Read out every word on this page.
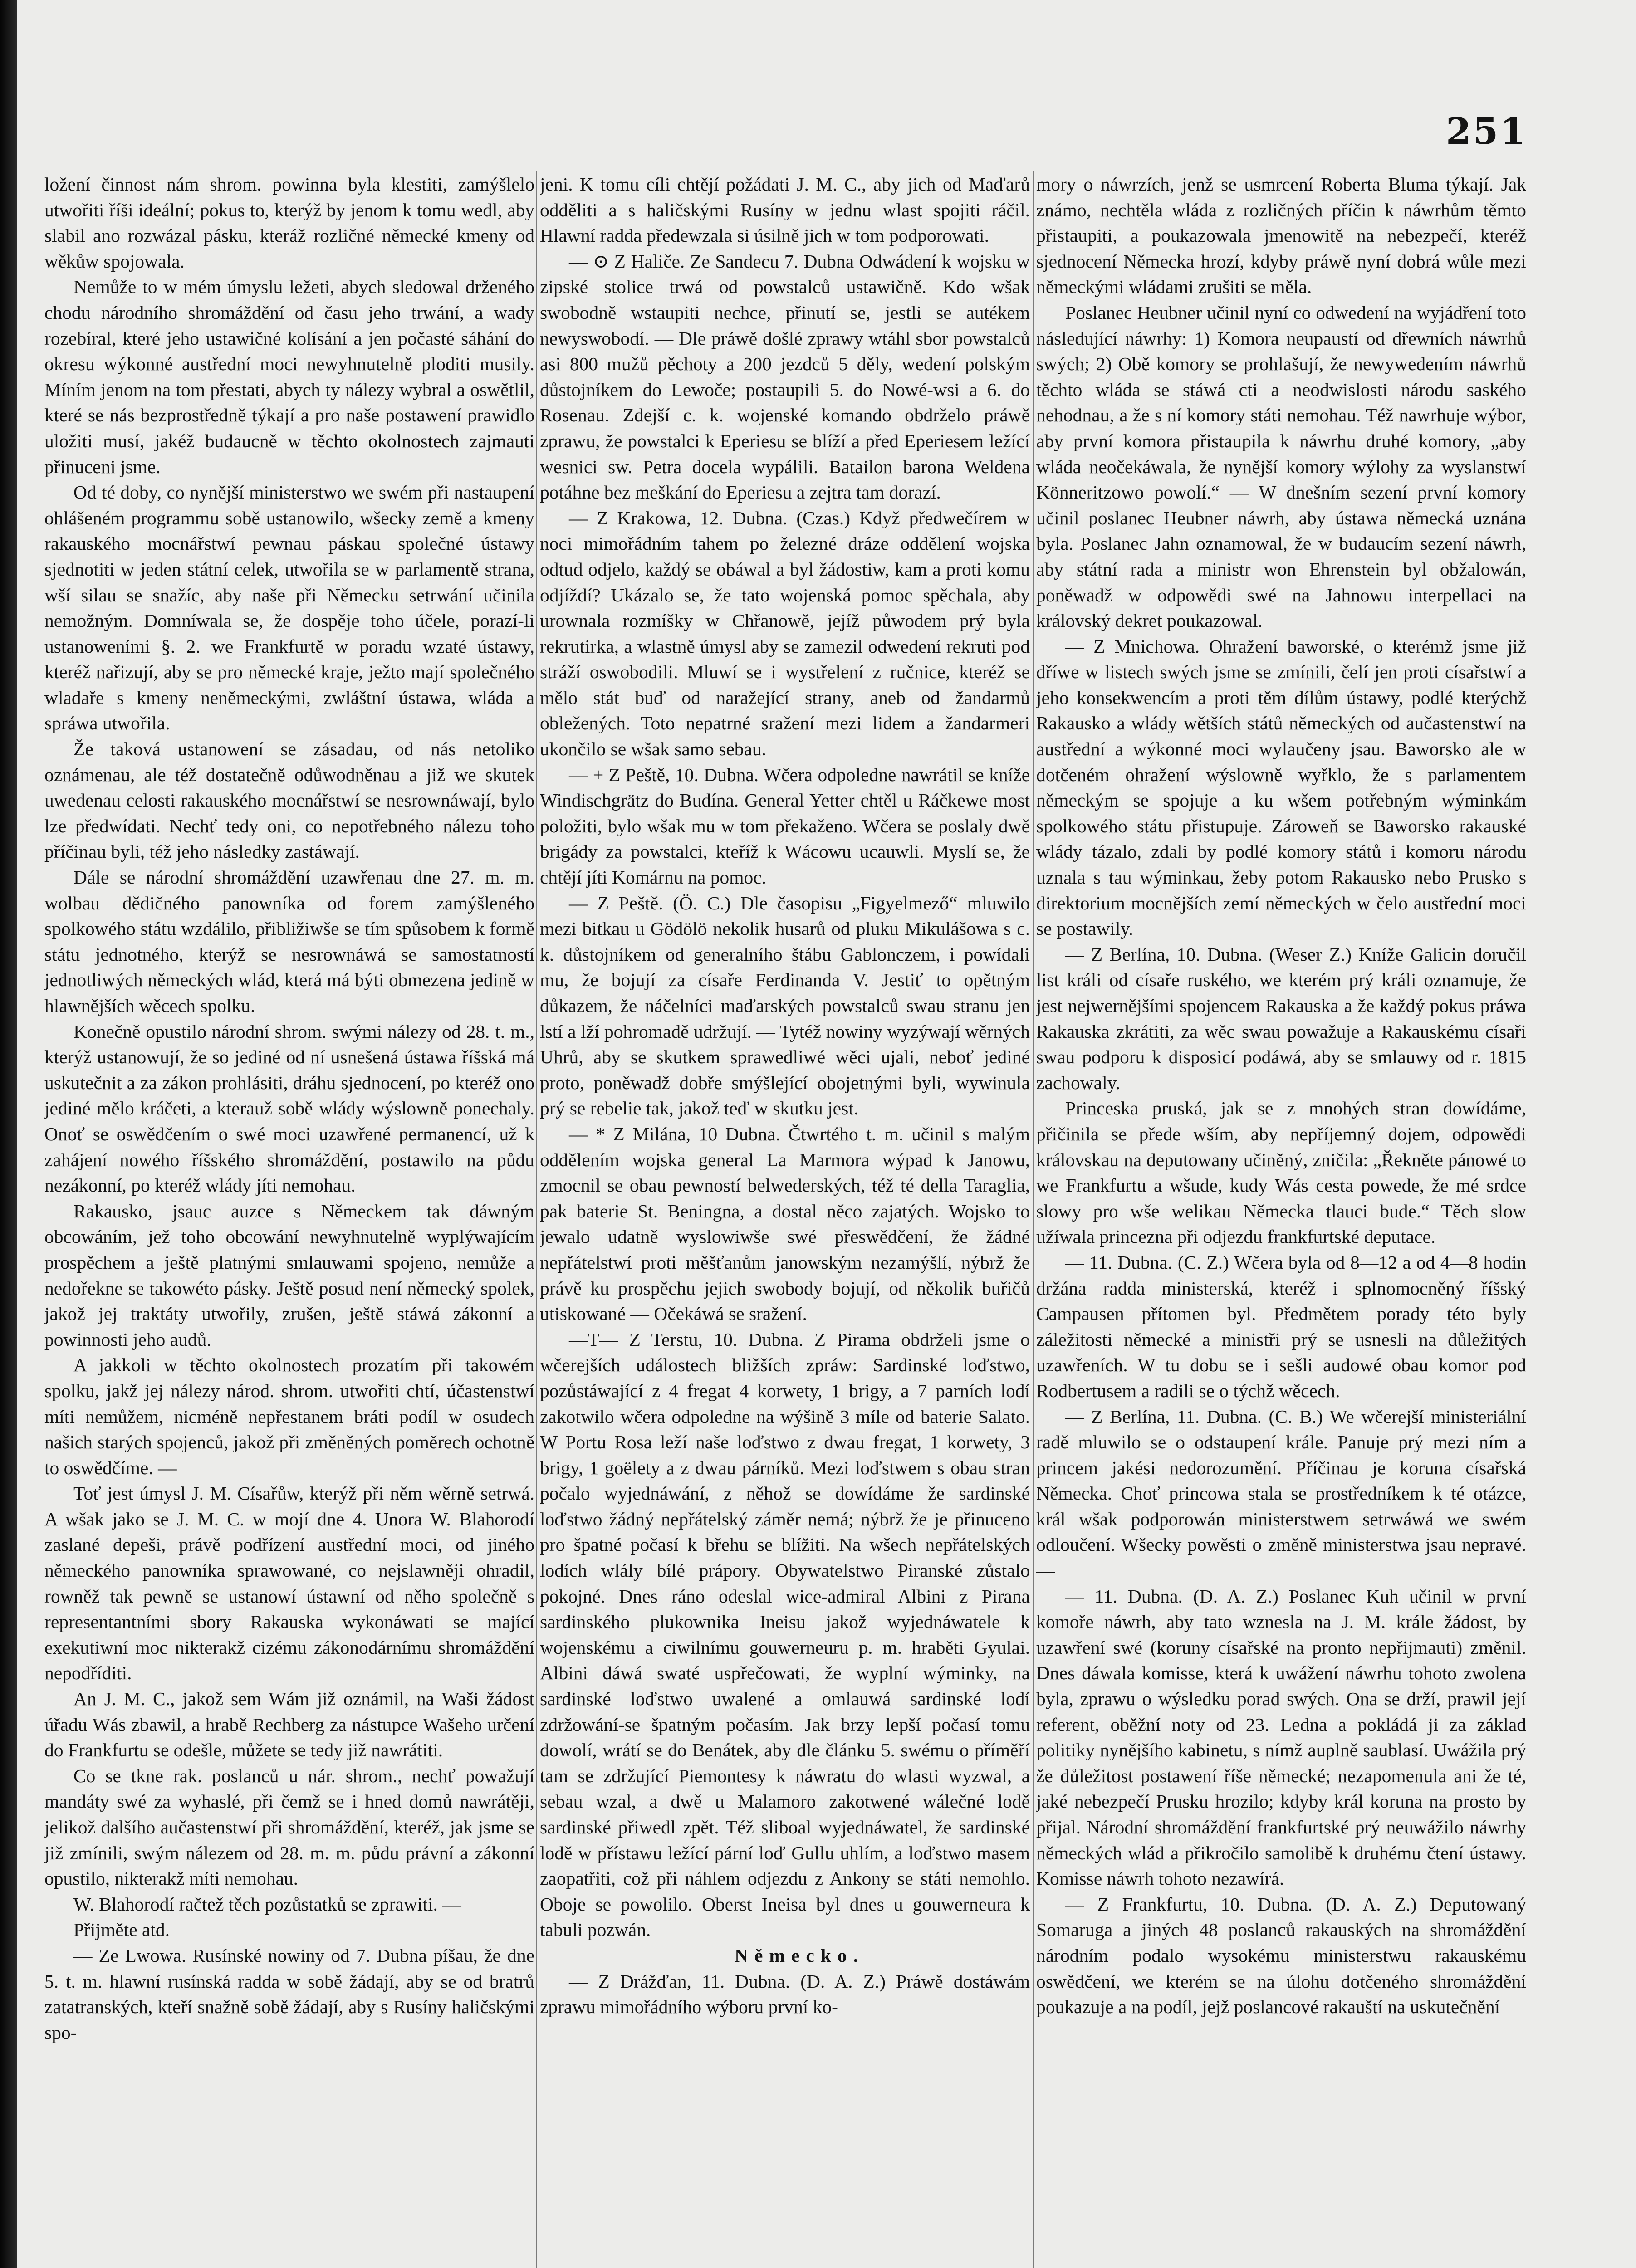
251

ložení činnost nám shrom. powinna byla klestiti, zamýšlelo utwořiti říši ideální; pokus to, kterýž by jenom k tomu wedl, aby slabil ano rozwázal pásku, kteráž rozličné německé kmeny od wěkůw spojowala.

Nemůže to w mém úmyslu ležeti, abych sledowal drženého chodu národního shromáždění od času jeho trwání, a wady rozebíral, které jeho ustawičné kolísání a jen počasté sáhání do okresu wýkonné austřední moci newyhnutelně ploditi musily. Míním jenom na tom přestati, abych ty nálezy wybral a oswětlil, které se nás bezprostředně týkají a pro naše postawení prawidlo uložiti musí, jakéž budaucně w těchto okolnostech zajmauti přinuceni jsme.

Od té doby, co nynější ministerstwo we swém při nastaupení ohlášeném programmu sobě ustanowilo, wšecky země a kmeny rakauského mocnářstwí pewnau páskau společné ústawy sjednotiti w jeden státní celek, utwořila se w parlamentě strana, wší silau se snažíc, aby naše při Německu setrwání učinila nemožným. Domníwala se, že dospěje toho účele, porazí-li ustanoweními §. 2. we Frankfurtě w poradu wzaté ústawy, kteréž nařizují, aby se pro německé kraje, ježto mají společného wladaře s kmeny neněmeckými, zwláštní ústawa, wláda a spráwa utwořila.

Že taková ustanowení se zásadau, od nás netoliko oznámenau, ale též dostatečně odůwodněnau a již we skutek uwedenau celosti rakauského mocnářstwí se nesrownáwají, bylo lze předwídati. Nechť tedy oni, co nepotřebného nálezu toho příčinau byli, též jeho následky zastáwají.

Dále se národní shromáždění uzawřenau dne 27. m. m. wolbau dědičného panowníka od forem zamýšleného spolkowého státu wzdálilo, přibližiwše se tím spůsobem k formě státu jednotného, kterýž se nesrownáwá se samostatností jednotliwých německých wlád, která má býti obmezena jedině w hlawnějších wěcech spolku.

Konečně opustilo národní shrom. swými nálezy od 28. t. m., kterýž ustanowují, že so jediné od ní usnešená ústawa říšská má uskutečnit a za zákon prohlásiti, dráhu sjednocení, po kteréž ono jediné mělo kráčeti, a kterauž sobě wlády wýslowně ponechaly. Onoť se oswědčením o swé moci uzawřené permanencí, už k zahájení nowého říšského shromáždění, postawilo na půdu nezákonní, po kteréž wlády jíti nemohau.

Rakausko, jsauc auzce s Německem tak dáwným obcowáním, jež toho obcowání newyhnutelně wyplýwajícím prospěchem a ještě platnými smlauwami spojeno, nemůže a nedořekne se takowéto pásky. Ještě posud není německý spolek, jakož jej traktáty utwořily, zrušen, ještě stáwá zákonní a powinnosti jeho audů.

A jakkoli w těchto okolnostech prozatím při takowém spolku, jakž jej nálezy národ. shrom. utwořiti chtí, účastenstwí míti nemůžem, nicméně nepřestanem bráti podíl w osudech našich starých spojenců, jakož při změněných poměrech ochotně to oswědčíme. —

Toť jest úmysl J. M. Císařůw, kterýž při něm wěrně setrwá. A wšak jako se J. M. C. w mojí dne 4. Unora W. Blahorodí zaslané depeši, právě podřízení austřední moci, od jiného německého panowníka sprawowané, co nejslawněji ohradil, rowněž tak pewně se ustanowí ústawní od něho společně s representantními sbory Rakauska wykonáwati se mající exekutiwní moc nikterakž cizému zákonodárnímu shromáždění nepodříditi.

An J. M. C., jakož sem Wám již oznámil, na Waši žádost úřadu Wás zbawil, a hrabě Rechberg za nástupce Wašeho určení do Frankfurtu se odešle, můžete se tedy již nawrátiti.

Co se tkne rak. poslanců u nár. shrom., nechť powažují mandáty swé za wyhaslé, při čemž se i hned domů nawrátěji, jelikož dalšího aučastenstwí při shromáždění, kteréž, jak jsme se již zmínili, swým nálezem od 28. m. m. půdu právní a zákonní opustilo, nikterakž míti nemohau.

W. Blahorodí račtež těch pozůstatků se zprawiti. —

Přijměte atd.

— Ze Lwowa. Rusínské nowiny od 7. Dubna píšau, že dne 5. t. m. hlawní rusínská radda w sobě žádají, aby se od bratrů zatatranských, kteří snažně sobě žádají, aby s Rusíny haličskými spo-

jeni. K tomu cíli chtějí požádati J. M. C., aby jich od Maďarů odděliti a s haličskými Rusíny w jednu wlast spojiti ráčil. Hlawní radda předewzala si úsilně jich w tom podporowati.

— ⊙ Z Haliče. Ze Sandecu 7. Dubna Odwádení k wojsku w zipské stolice trwá od powstalců ustawičně. Kdo wšak swobodně wstaupiti nechce, přinutí se, jestli se autékem newyswobodí. — Dle práwě došlé zprawy wtáhl sbor powstalců asi 800 mužů pěchoty a 200 jezdců 5 děly, wedení polským důstojníkem do Lewoče; postaupili 5. do Nowé-wsi a 6. do Rosenau. Zdejší c. k. wojenské komando obdrželo práwě zprawu, že powstalci k Eperiesu se blíží a před Eperiesem ležící wesnici sw. Petra docela wypálili. Batailon barona Weldena potáhne bez meškání do Eperiesu a zejtra tam dorazí.

— Z Krakowa, 12. Dubna. (Czas.) Když předwečírem w noci mimořádním tahem po železné dráze oddělení wojska odtud odjelo, každý se obáwal a byl žádostiw, kam a proti komu odjíždí? Ukázalo se, že tato wojenská pomoc spěchala, aby urownala rozmíšky w Chřanowě, jejíž půwodem prý byla rekrutirka, a wlastně úmysl aby se zamezil odwedení rekruti pod stráží oswobodili. Mluwí se i wystřelení z ručnice, kteréž se mělo stát buď od naražející strany, aneb od žandarmů obležených. Toto nepatrné sražení mezi lidem a žandarmeri ukončilo se wšak samo sebau.

— + Z Peště, 10. Dubna. Wčera odpoledne nawrátil se kníže Windischgrätz do Budína. General Yetter chtěl u Ráčkewe most položiti, bylo wšak mu w tom překaženo. Wčera se poslaly dwě brigády za powstalci, kteříž k Wácowu ucauwli. Myslí se, že chtějí jíti Komárnu na pomoc.

— Z Peště. (Ö. C.) Dle časopisu „Figyelmező“ mluwilo mezi bitkau u Gödölö nekolik husarů od pluku Mikulášowa s c. k. důstojníkem od generalního štábu Gablonczem, i powídali mu, že bojují za císaře Ferdinanda V. Jestiť to opětným důkazem, že náčelníci maďarských powstalců swau stranu jen lstí a lží pohromadě udržují. — Tytéž nowiny wyzýwají wěrných Uhrů, aby se skutkem sprawedliwé wěci ujali, neboť jediné proto, poněwadž dobře smýšlející obojetnými byli, wywinula prý se rebelie tak, jakož teď w skutku jest.

— * Z Milána, 10 Dubna. Čtwrtého t. m. učinil s malým oddělením wojska general La Marmora wýpad k Janowu, zmocnil se obau pewností belwederských, též té della Taraglia, pak baterie St. Beningna, a dostal něco zajatých. Wojsko to jewalo udatně wyslowiwše swé přeswědčení, že žádné nepřátelstwí proti měšťanům janowským nezamýšlí, nýbrž že právě ku prospěchu jejich swobody bojují, od několik buřičů utiskowané — Očekáwá se sražení.

—T— Z Terstu, 10. Dubna. Z Pirama obdrželi jsme o wčerejších událostech bližších zpráw: Sardinské loďstwo, pozůstáwající z 4 fregat 4 korwety, 1 brigy, a 7 parních lodí zakotwilo wčera odpoledne na wýšině 3 míle od baterie Salato. W Portu Rosa leží naše loďstwo z dwau fregat, 1 korwety, 3 brigy, 1 goëlety a z dwau párníků. Mezi loďstwem s obau stran počalo wyjednáwání, z něhož se dowídáme že sardinské loďstwo žádný nepřátelský záměr nemá; nýbrž že je přinuceno pro špatné počasí k břehu se blížiti. Na wšech nepřátelských lodích wlály bílé prápory. Obywatelstwo Piranské zůstalo pokojné. Dnes ráno odeslal wice-admiral Albini z Pirana sardinského plukownika Ineisu jakož wyjednáwatele k wojenskému a ciwilnímu gouwerneuru p. m. hraběti Gyulai. Albini dáwá swaté uspřečowati, že wyplní wýminky, na sardinské loďstwo uwalené a omlauwá sardinské lodí zdržowání-se špatným počasím. Jak brzy lepší počasí tomu dowolí, wrátí se do Benátek, aby dle článku 5. swému o příměří tam se zdržující Piemontesy k náwratu do wlasti wyzwal, a sebau wzal, a dwě u Malamoro zakotwené wálečné lodě sardinské přiwedl zpět. Též sliboal wyjednáwatel, že sardinské lodě w přístawu ležící pární loď Gullu uhlím, a loďstwo masem zaopatřiti, což při náhlem odjezdu z Ankony se státi nemohlo. Oboje se powolilo. Oberst Ineisa byl dnes u gouwerneura k tabuli pozwán.

Německo.

— Z Drážďan, 11. Dubna. (D. A. Z.) Práwě dostáwám zprawu mimořádního wýboru první ko-

mory o náwrzích, jenž se usmrcení Roberta Bluma týkají. Jak známo, nechtěla wláda z rozličných příčin k náwrhům těmto přistaupiti, a poukazowala jmenowitě na nebezpečí, kteréž sjednocení Německa hrozí, kdyby práwě nyní dobrá wůle mezi německými wládami zrušiti se měla.

Poslanec Heubner učinil nyní co odwedení na wyjádření toto následující náwrhy: 1) Komora neupaustí od dřewních náwrhů swých; 2) Obě komory se prohlašují, že newywedením náwrhů těchto wláda se stáwá cti a neodwislosti národu saského nehodnau, a že s ní komory státi nemohau. Též nawrhuje wýbor, aby první komora přistaupila k náwrhu druhé komory, „aby wláda neočekáwala, že nynější komory wýlohy za wyslanstwí Könneritzowo powolí.“ — W dnešním sezení první komory učinil poslanec Heubner náwrh, aby ústawa německá uznána byla. Poslanec Jahn oznamowal, že w budaucím sezení náwrh, aby státní rada a ministr won Ehrenstein byl obžalowán, poněwadž w odpowědi swé na Jahnowu interpellaci na královský dekret poukazowal.

— Z Mnichowa. Ohražení baworské, o kterémž jsme již dříwe w listech swých jsme se zmínili, čelí jen proti císařstwí a jeho konsekwencím a proti těm dílům ústawy, podlé kterýchž Rakausko a wlády wětších států německých od aučastenstwí na austřední a wýkonné moci wylaučeny jsau. Baworsko ale w dotčeném ohražení wýslowně wyřklo, že s parlamentem německým se spojuje a ku wšem potřebným wýminkám spolkowého státu přistupuje. Zároweň se Baworsko rakauské wlády tázalo, zdali by podlé komory států i komoru národu uznala s tau wýminkau, žeby potom Rakausko nebo Prusko s direktorium mocnějších zemí německých w čelo austřední moci se postawily.

— Z Berlína, 10. Dubna. (Weser Z.) Kníže Galicin doručil list králi od císaře ruského, we kterém prý králi oznamuje, že jest nejwernějšími spojencem Rakauska a že každý pokus práwa Rakauska zkrátiti, za wěc swau powažuje a Rakauskému císaři swau podporu k disposicí podáwá, aby se smlauwy od r. 1815 zachowaly.

Princeska pruská, jak se z mnohých stran dowídáme, přičinila se přede wším, aby nepříjemný dojem, odpowědi královskau na deputowany učiněný, zničila: „Řekněte pánowé to we Frankfurtu a wšude, kudy Wás cesta powede, že mé srdce slowy pro wše welikau Německa tlauci bude.“ Těch slow užíwala princezna při odjezdu frankfurtské deputace.

— 11. Dubna. (C. Z.) Wčera byla od 8—12 a od 4—8 hodin držána radda ministerská, kteréž i splnomocněný říšský Campausen přítomen byl. Předmětem porady této byly záležitosti německé a ministři prý se usnesli na důležitých uzawřeních. W tu dobu se i sešli audowé obau komor pod Rodbertusem a radili se o týchž wěcech.

— Z Berlína, 11. Dubna. (C. B.) We wčerejší ministeriální radě mluwilo se o odstaupení krále. Panuje prý mezi ním a princem jakési nedorozumění. Příčinau je koruna císařská Německa. Choť princowa stala se prostředníkem k té otázce, král wšak podporowán ministerstwem setrwáwá we swém odloučení. Wšecky powěsti o změně ministerstwa jsau nepravé. —

— 11. Dubna. (D. A. Z.) Poslanec Kuh učinil w první komoře náwrh, aby tato wznesla na J. M. krále žádost, by uzawření swé (koruny císařské na pronto nepřijmauti) změnil. Dnes dáwala komisse, která k uwážení náwrhu tohoto zwolena byla, zprawu o wýsledku porad swých. Ona se drží, prawil její referent, oběžní noty od 23. Ledna a pokládá ji za základ politiky nynějšího kabinetu, s nímž auplně saublasí. Uwážila prý že důležitost postawení říše německé; nezapomenula ani že té, jaké nebezpečí Prusku hrozilo; kdyby král koruna na prosto by přijal. Národní shromáždění frankfurtské prý neuwážilo náwrhy německých wlád a přikročilo samolibě k druhému čtení ústawy. Komisse náwrh tohoto nezawírá.

— Z Frankfurtu, 10. Dubna. (D. A. Z.) Deputowaný Somaruga a jiných 48 poslanců rakauských na shromáždění národním podalo wysokému ministerstwu rakauskému oswědčení, we kterém se na úlohu dotčeného shromáždění poukazuje a na podíl, jejž poslancové rakauští na uskutečnění
